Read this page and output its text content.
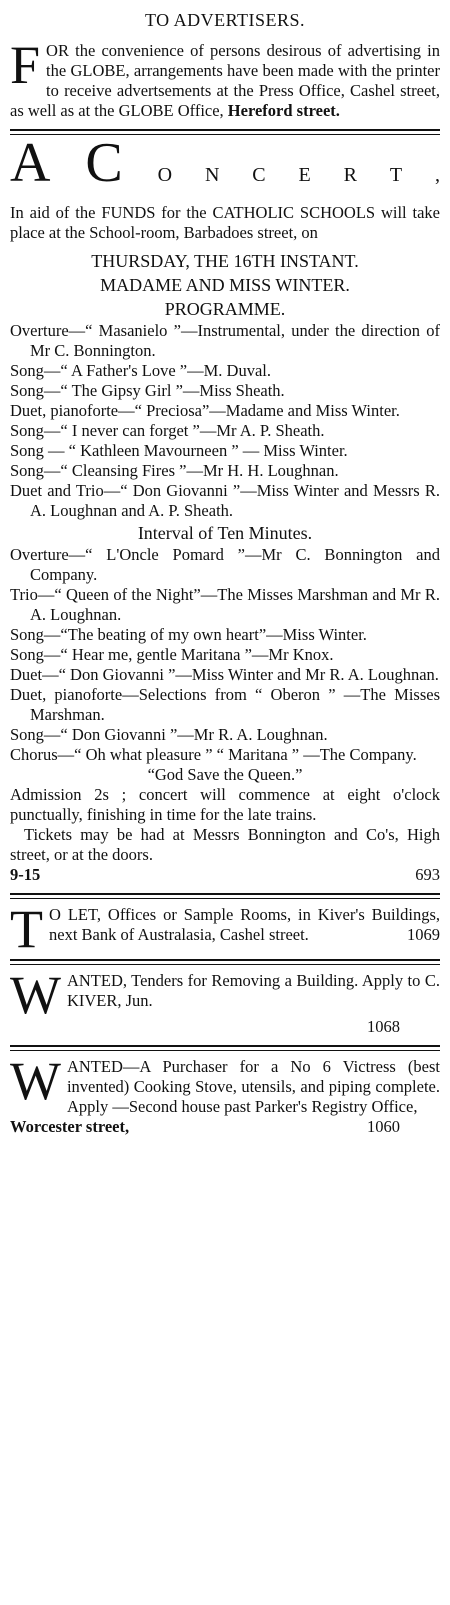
TO ADVERTISERS.
F OR the convenience of persons desirous of advertising in the GLOBE, arrangements have been made with the printer to receive advertsements at the Press Office, Cashel street, as well as at the GLOBE Office, Hereford street.
A C O N C E R T ,
In aid of the FUNDS for the CATHOLIC SCHOOLS will take place at the School-room, Barbadoes street, on
THURSDAY, THE 16TH INSTANT.
MADAME AND MISS WINTER.
PROGRAMME.
Overture—“ Masanielo ”—Instrumental, under the direction of Mr C. Bonnington.
Song—“ A Father's Love ”—M. Duval.
Song—“ The Gipsy Girl ”—Miss Sheath.
Duet, pianoforte—“ Preciosa”—Madame and Miss Winter.
Song—“ I never can forget ”—Mr A. P. Sheath.
Song — “ Kathleen Mavourneen ” — Miss Winter.
Song—“ Cleansing Fires ”—Mr H. H. Loughnan.
Duet and Trio—“ Don Giovanni ”—Miss Winter and Messrs R. A. Loughnan and A. P. Sheath.
Interval of Ten Minutes.
Overture—“ L'Oncle Pomard ”—Mr C. Bonnington and Company.
Trio—“ Queen of the Night”—The Misses Marshman and Mr R. A. Loughnan.
Song—“The beating of my own heart”—Miss Winter.
Song—“ Hear me, gentle Maritana ”—Mr Knox.
Duet—“ Don Giovanni ”—Miss Winter and Mr R. A. Loughnan.
Duet, pianoforte—Selections from “ Oberon ” —The Misses Marshman.
Song—“ Don Giovanni ”—Mr R. A. Loughnan.
Chorus—“ Oh what pleasure ” “ Maritana ” —The Company.
“God Save the Queen.”
Admission 2s ; concert will commence at eight o'clock punctually, finishing in time for the late trains.
Tickets may be had at Messrs Bonnington and Co's, High street, or at the doors.
9-15	693
T O LET, Offices or Sample Rooms, in Kiver's Buildings, next Bank of Australasia, Cashel street.	1069
W ANTED, Tenders for Removing a Building. Apply to C. KIVER, Jun.
1068
W ANTED—A Purchaser for a No 6 Victress (best invented) Cooking Stove, utensils, and piping complete. Apply —Second house past Parker's Registry Office,
Worcester street,	1060
